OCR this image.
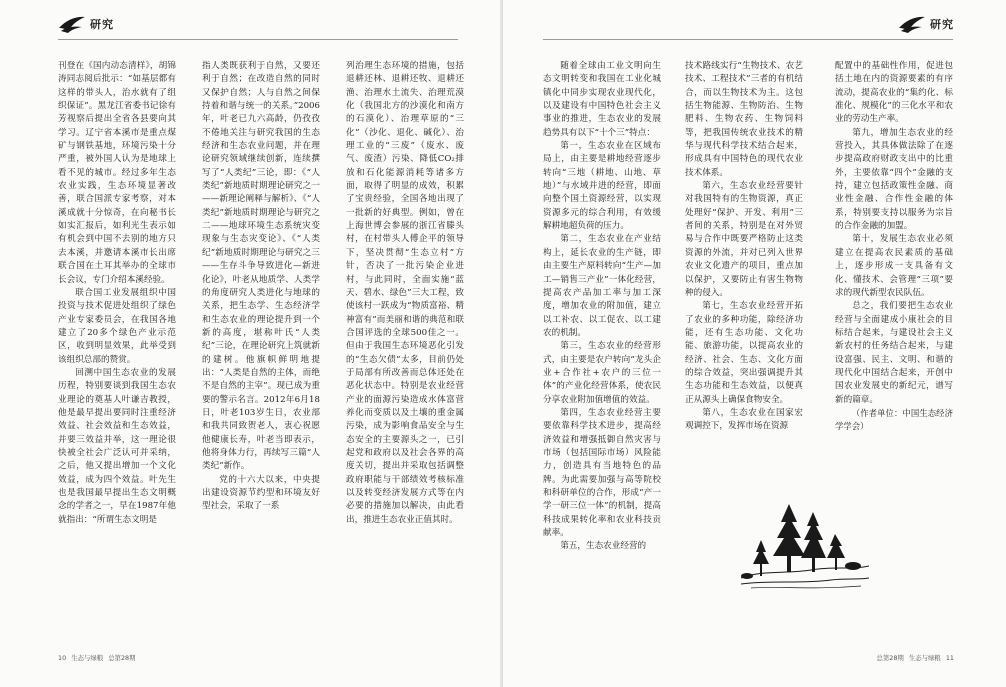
研究

刊登在《国内动态清样》，胡锦涛同志阅后批示：“如基层都有这样的带头人，治水就有了组织保证”。黑龙江省委书记徐有芳视察后提出全省各县要向其学习。辽宁省本溪市是重点煤矿与钢铁基地，环境污染十分严重，被外国人认为是地球上看不见的城市。经过多年生态农业实践，生态环境显著改善，联合国派专家考察，对本溪成就十分惊奇，在向秘书长如实汇报后，如利光生表示如有机会到中国不去别的地方只去本溪，并邀请本溪市长出席联合国在土耳其举办的全球市长会议，专门介绍本溪经验。

联合国工业发展组织中国投资与技术促进处组织了绿色产业专家委员会，在我国各地建立了20多个绿色产业示范区，收到明显效果，此举受到该组织总部的赞赏。

回溯中国生态农业的发展历程，特别要谈到我国生态农业理论的奠基人叶谦吉教授，他是最早提出要同时注重经济效益、社会效益和生态效益，并要三效益并举，这一理论很快被全社会广泛认可并采纳，之后，他又提出增加一个文化效益，成为四个效益。叶先生也是我国最早提出生态文明概念的学者之一，早在1987年他就指出：“所谓生态文明是

指人类既获利于自然，又要还利于自然；在改造自然的同时又保护自然；人与自然之间保持着和谐与统一的关系。”2006年，叶老已九六高龄，仍孜孜不倦地关注与研究我国的生态经济和生态农业问题，并在理论研究领域继续创新，连续撰写了“人类纪”三论，即：《“人类纪”新地质时期理论研究之一——新理论阐释与解析》、《“人类纪”新地质时期理论与研究之二——地球环境生态系统灾变现象与生态灾变论》、《“人类纪”新地质时期理论与研究之三——生存斗争导致进化—新进化论》，叶老从地质学、人类学的角度研究人类进化与地球的关系，把生态学、生态经济学和生态农业的理论提升到一个新的高度，堪称叶氏“人类纪”三论，在理论研究上筑就新的建树。他旗帜鲜明地提出：“人类是自然的主体，而绝不是自然的主宰”。现已成为重要的警示名言。2012年6月18日，叶老103岁生日，农业部和我共同致贺老人，衷心祝愿他健康长寿，叶老当即表示，他将身体力行，再续写三篇“人类纪”新作。

党的十六大以来，中央提出建设资源节约型和环境友好型社会，采取了一系

列治理生态环境的措施，包括退耕还林、退耕还牧、退耕还渔、治理水土流失、治理荒漠化（我国北方的沙漠化和南方的石漠化）、治理草原的“三化”（沙化、退化、碱化）、治理工业的“三废”（废水、废气、废渣）污染、降低CO₂排放和石化能源消耗等诸多方面，取得了明显的成效，积累了宝贵经验，全国各地出现了一批新的好典型。例如，曾在上海世博会参展的浙江省滕头村，在村带头人傅企平的领导下，坚决贯彻“生态立村”方针，否决了一批污染企业进村，与此同时，全面实施“蓝天、碧水、绿色”三大工程，致使该村一跃成为“物质富裕、精神富有”而美丽和谐的典范和联合国评选的全球500佳之一。但由于我国生态环境恶化引发的“生态欠债”太多，目前仍处于局部有所改善而总体还处在恶化状态中。特别是农业经营产业的面源污染造成水体富营养化而变质以及土壤的重金属污染，成为影响食品安全与生态安全的主要源头之一，已引起党和政府以及社会各界的高度关切，提出并采取包括调整政府职能与干部绩效考核标准以及转变经济发展方式等在内必要的措施加以解决，由此看出，推进生态农业正值其时。

10 生态与绿粮 总第28期
研究

随着全球由工业文明向生态文明转变和我国在工业化城镇化中同步实现农业现代化，以及建设有中国特色社会主义事业的推进，生态农业的发展趋势具有以下“十个三”特点：

第一，生态农业在区域布局上，由主要是耕地经营逐步转向“三地（耕地、山地、草地）”与水域并进的经营，即面向整个国土资源经营，以实现资源多元的综合利用，有效缓解耕地超负荷的压力。

第二，生态农业在产业结构上，延长农业的生产链，即由主要生产原料转向“生产—加工—销售三产业”一体化经营，提高农产品加工率与加工深度，增加农业的附加值，建立以工补农、以工促农、以工建农的机制。

第三，生态农业的经营形式，由主要是农户转向“龙头企业+合作社+农户的三位一体”的产业化经营体系，使农民分享农业附加值增值的效益。

第四，生态农业经营主要要依靠科学技术进步，提高经济效益和增强抵御自然灾害与市场（包括国际市场）风险能力，创造具有当地特色的品牌。为此需要加强与高等院校和科研单位的合作，形成“产一学一研三位一体”的机制，提高科技成果转化率和农业科技贡献率。

第五，生态农业经营的

技术路线实行“生物技术、农艺技术、工程技术”三者的有机结合，而以生物技术为主。这包括生物能源、生物防治、生物肥料、生物农药、生物饲料等，把我国传统农业技术的精华与现代科学技术结合起来，形成具有中国特色的现代农业技术体系。

第六，生态农业经营要针对我国特有的生物资源，真正处理好“保护、开发、利用”三者间的关系，特别是在对外贸易与合作中既要严格防止这类资源的外流，并对已列入世界农业文化遗产的项目，重点加以保护，又要防止有害生物物种的侵入。

第七，生态农业经营开拓了农业的多种功能，除经济功能，还有生态功能、文化功能、旅游功能，以提高农业的经济、社会、生态、文化方面的综合效益，突出强调提升其生态功能和生态效益，以便真正从源头上确保食物安全。

第八，生态农业在国家宏观调控下，发挥市场在资源

配置中的基础性作用，促进包括土地在内的资源要素的有序流动，提高农业的“集约化、标准化、规模化”的三化水平和农业的劳动生产率。

第九，增加生态农业的经营投入，其具体做法除了在逐步提高政府财政支出中的比重外，主要依靠“四个”金融的支持，建立包括政策性金融、商业性金融、合作性金融的体系，特别要支持以服务为宗旨的合作金融的加盟。

第十，发展生态农业必须建立在提高农民素质的基础上，逐步形成一支具备有文化、懂技术、会管理“三项”要求的现代新型农民队伍。

总之，我们要把生态农业经营与全面建成小康社会的目标结合起来，与建设社会主义新农村的任务结合起来，与建设富强、民主、文明、和谐的现代化中国结合起来，开创中国农业发展史的新纪元，谱写新的篇章。

（作者单位：中国生态经济学学会）

总第28期 生态与绿粮 11
